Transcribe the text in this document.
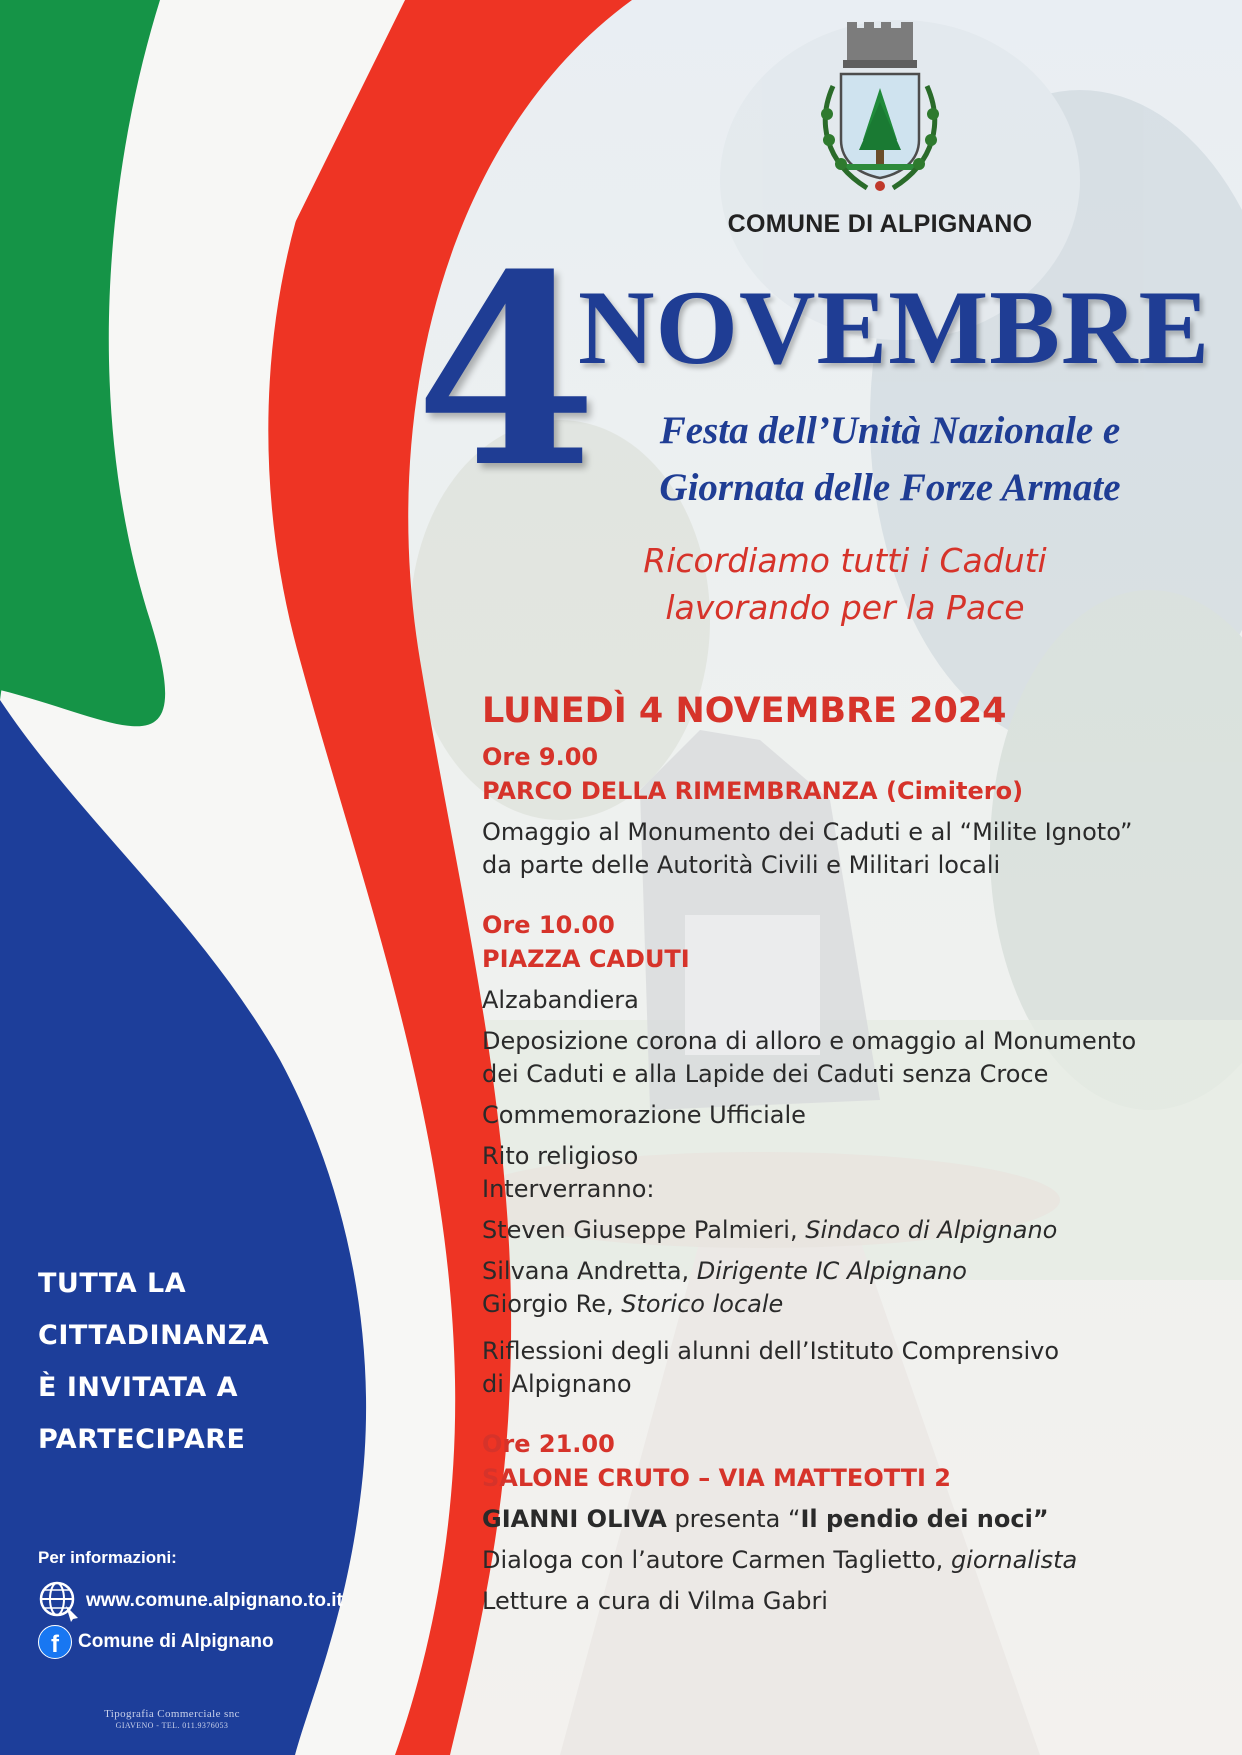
COMUNE DI ALPIGNANO
4
NOVEMBRE
Festa dell’Unità Nazionale e
Giornata delle Forze Armate
Ricordiamo tutti i Caduti
lavorando per la Pace
LUNEDÌ 4 NOVEMBRE 2024
Ore 9.00
PARCO DELLA RIMEMBRANZA (Cimitero)
Omaggio al Monumento dei Caduti e al “Milite Ignoto”
da parte delle Autorità Civili e Militari locali
Ore 10.00
PIAZZA CADUTI
Alzabandiera
Deposizione corona di alloro e omaggio al Monumento
dei Caduti e alla Lapide dei Caduti senza Croce
Commemorazione Ufficiale
Rito religioso
Interverranno:
Steven Giuseppe Palmieri, Sindaco di Alpignano
Silvana Andretta, Dirigente IC Alpignano
Giorgio Re, Storico locale
Riflessioni degli alunni dell’Istituto Comprensivo
di Alpignano
Ore 21.00
SALONE CRUTO – VIA MATTEOTTI 2
GIANNI OLIVA presenta “Il pendio dei noci”
Dialoga con l’autore Carmen Taglietto, giornalista
Letture a cura di Vilma Gabri
TUTTA LA
CITTADINANZA
È INVITATA A
PARTECIPARE
Per informazioni:
www.comune.alpignano.to.it
f	Comune di Alpignano
Tipografia Commerciale snc
GIAVENO - TEL. 011.9376053
